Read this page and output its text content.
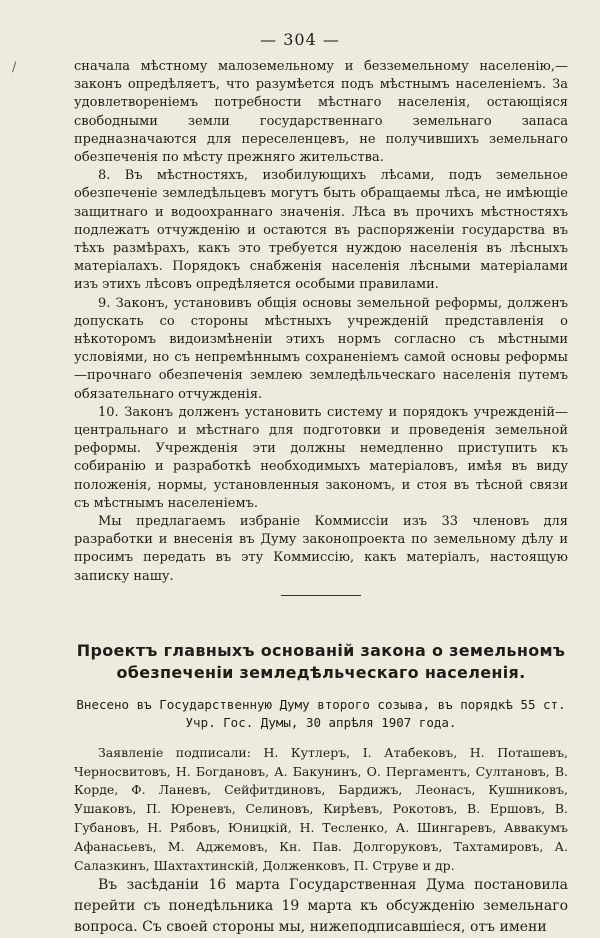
— 304 —
/	сначала мѣстному малоземельному и безземельному населенію,—законъ опредѣляетъ, что разумѣется подъ мѣстнымъ населеніемъ. За удовлетвореніемъ потребности мѣстнаго населенія, остающіяся свободными земли государственнаго земельнаго запаса предназначаются для переселенцевъ, не получившихъ земельнаго обезпеченія по мѣсту прежняго жительства.

8. Въ мѣстностяхъ, изобилующихъ лѣсами, подъ земельное обезпеченіе земледѣльцевъ могутъ быть обращаемы лѣса, не имѣющіе защитнаго и водоохраннаго значенія. Лѣса въ прочихъ мѣстностяхъ подлежатъ отчужденію и остаются въ распоряженіи государства въ тѣхъ размѣрахъ, какъ это требуется нуждою населенія въ лѣсныхъ матеріалахъ. Порядокъ снабженія населенія лѣсными матеріалами изъ этихъ лѣсовъ опредѣляется особыми правилами.

9. Законъ, установивъ общія основы земельной реформы, долженъ допускать со стороны мѣстныхъ учрежденій представленія о нѣкоторомъ видоизмѣненіи этихъ нормъ согласно съ мѣстными условіями, но съ непремѣннымъ сохраненіемъ самой основы реформы—прочнаго обезпеченія землею земледѣльческаго населенія путемъ обязательнаго отчужденія.

10. Законъ долженъ установить систему и порядокъ учрежденій—центральнаго и мѣстнаго для подготовки и проведенія земельной реформы. Учрежденія эти должны немедленно приступить къ собиранію и разработкѣ необходимыхъ матеріаловъ, имѣя въ виду положенія, нормы, установленныя закономъ, и стоя въ тѣсной связи съ мѣстнымъ населеніемъ.

Мы предлагаемъ избраніе Коммиссіи изъ 33 членовъ для разработки и внесенія въ Думу законопроекта по земельному дѣлу и просимъ передать въ эту Коммиссію, какъ матеріалъ, настоящую записку нашу.

Проектъ главныхъ основаній закона о земельномъ обезпеченіи земледѣльческаго населенія.
Внесено въ Государственную Думу второго созыва, въ порядкѣ 55 ст.
Учр. Гос. Думы, 30 апрѣля 1907 года.

Заявленіе подписали: Н. Кутлеръ, І. Атабековъ, Н. Поташевъ, Черносвитовъ, Н. Богдановъ, А. Бакунинъ, О. Пергаментъ, Султановъ, В. Корде, Ф. Ланевъ, Сейфитдиновъ, Бардижъ, Леонасъ, Кушниковъ, Ушаковъ, П. Юреневъ, Селиновъ, Кирѣевъ, Рокотовъ, В. Ершовъ, В. Губановъ, Н. Рябовъ, Юницкій, Н. Тесленко, А. Шингаревъ, Аввакумъ Афанасьевъ, М. Аджемовъ, Кн. Пав. Долгоруковъ, Тахтамировъ, А. Салазкинъ, Шахтахтинскій, Долженковъ, П. Струве и др.

Въ засѣданіи 16 марта Государственная Дума постановила перейти съ понедѣльника 19 марта къ обсужденію земельнаго вопроса. Съ своей стороны мы, нижеподписавшіеся, отъ имени
